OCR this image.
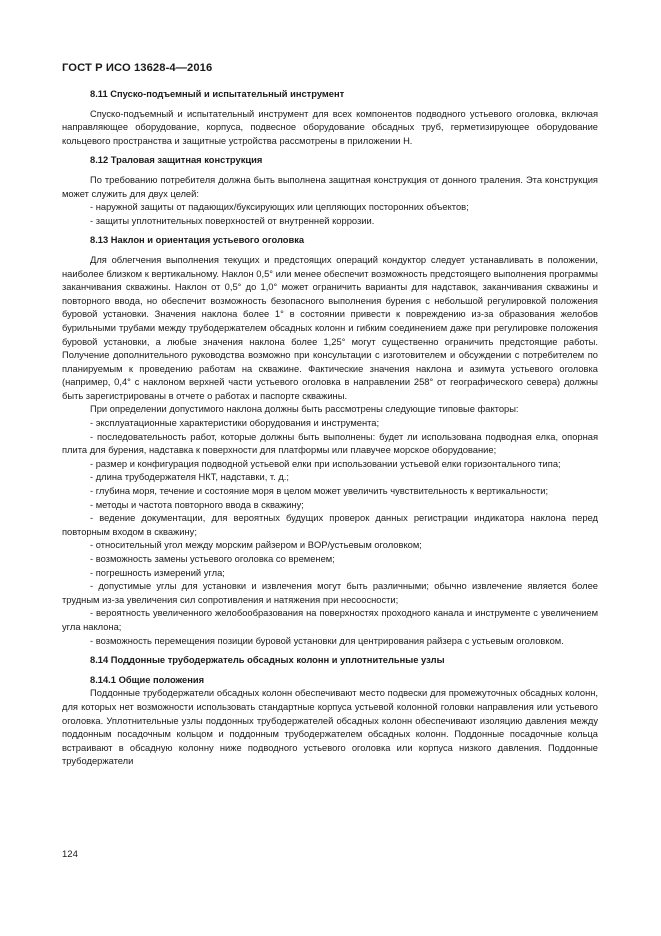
ГОСТ Р ИСО 13628-4—2016
8.11 Спуско-подъемный и испытательный инструмент

Спуско-подъемный и испытательный инструмент для всех компонентов подводного устьевого оголовка, включая направляющее оборудование, корпуса, подвесное оборудование обсадных труб, герметизирующее оборудование кольцевого пространства и защитные устройства рассмотрены в приложении Н.

8.12 Траловая защитная конструкция

По требованию потребителя должна быть выполнена защитная конструкция от донного траления. Эта конструкция может служить для двух целей:

- наружной защиты от падающих/буксирующих или цепляющих посторонних объектов;

- защиты уплотнительных поверхностей от внутренней коррозии.

8.13 Наклон и ориентация устьевого оголовка

Для облегчения выполнения текущих и предстоящих операций кондуктор следует устанавливать в положении, наиболее близком к вертикальному. Наклон 0,5° или менее обеспечит возможность предстоящего выполнения программы заканчивания скважины. Наклон от 0,5° до 1,0° может ограничить варианты для надставок, заканчивания скважины и повторного ввода, но обеспечит возможность безопасного выполнения бурения с небольшой регулировкой положения буровой установки. Значения наклона более 1° в состоянии привести к повреждению из-за образования желобов бурильными трубами между трубодержателем обсадных колонн и гибким соединением даже при регулировке положения буровой установки, а любые значения наклона более 1,25° могут существенно ограничить предстоящие работы. Получение дополнительного руководства возможно при консультации с изготовителем и обсуждении с потребителем по планируемым к проведению работам на скважине. Фактические значения наклона и азимута устьевого оголовка (например, 0,4° с наклоном верхней части устьевого оголовка в направлении 258° от географического севера) должны быть зарегистрированы в отчете о работах и паспорте скважины.

При определении допустимого наклона должны быть рассмотрены следующие типовые факторы:

- эксплуатационные характеристики оборудования и инструмента;

- последовательность работ, которые должны быть выполнены: будет ли использована подводная елка, опорная плита для бурения, надставка к поверхности для платформы или плавучее морское оборудование;

- размер и конфигурация подводной устьевой елки при использовании устьевой елки горизонтального типа;

- длина трубодержателя НКТ, надставки, т. д.;

- глубина моря, течение и состояние моря в целом может увеличить чувствительность к вертикальности;

- методы и частота повторного ввода в скважину;

- ведение документации, для вероятных будущих проверок данных регистрации индикатора наклона перед повторным входом в скважину;

- относительный угол между морским райзером и BOP/устьевым оголовком;

- возможность замены устьевого оголовка со временем;

- погрешность измерений угла;

- допустимые углы для установки и извлечения могут быть различными; обычно извлечение является более трудным из-за увеличения сил сопротивления и натяжения при несоосности;

- вероятность увеличенного желобообразования на поверхностях проходного канала и инструменте с увеличением угла наклона;

- возможность перемещения позиции буровой установки для центрирования райзера с устьевым оголовком.

8.14 Поддонные трубодержатель обсадных колонн и уплотнительные узлы
8.14.1 Общие положения

Поддонные трубодержатели обсадных колонн обеспечивают место подвески для промежуточных обсадных колонн, для которых нет возможности использовать стандартные корпуса устьевой колонной головки направления или устьевого оголовка. Уплотнительные узлы поддонных трубодержателей обсадных колонн обеспечивают изоляцию давления между поддонным посадочным кольцом и поддонным трубодержателем обсадных колонн. Поддонные посадочные кольца встраивают в обсадную колонну ниже подводного устьевого оголовка или корпуса низкого давления. Поддонные трубодержатели

124
